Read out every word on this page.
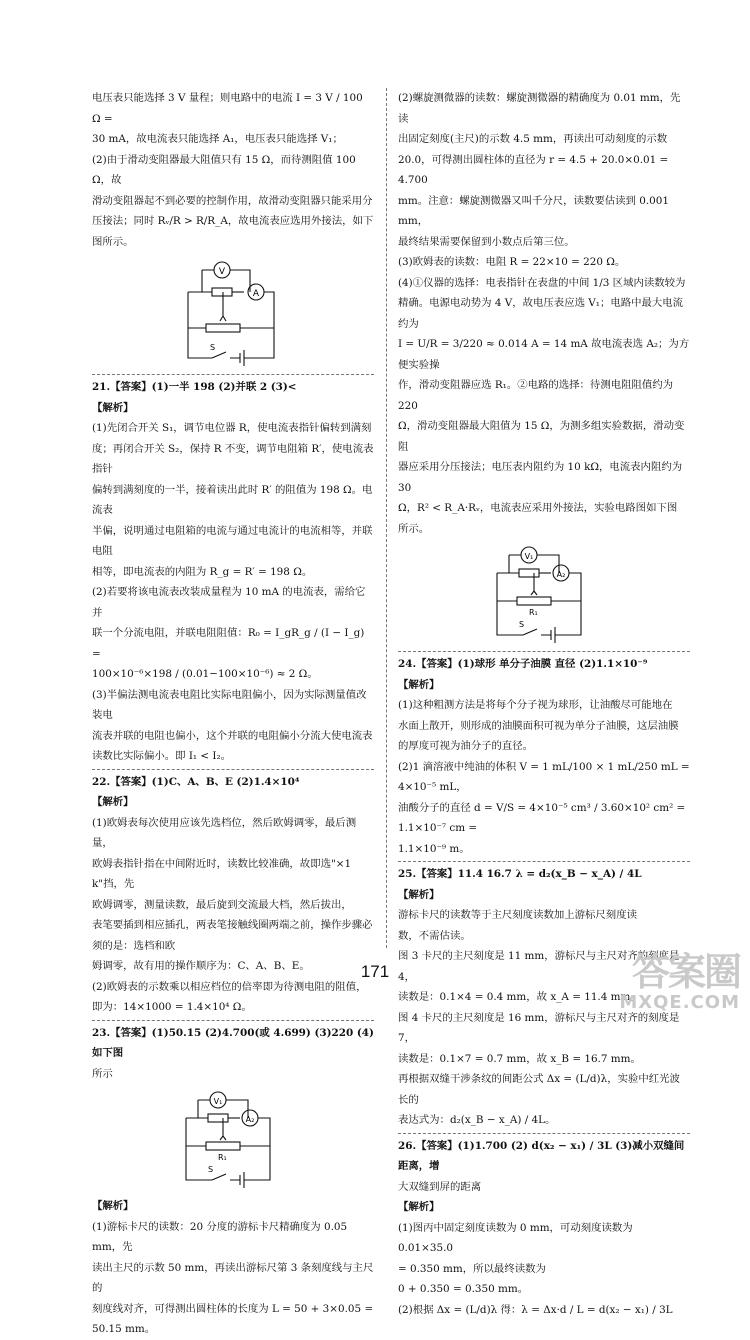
电压表只能选择 3 V 量程；则电路中的电流 I = 3 V / 100 Ω =
30 mA，故电流表只能选择 A₁，电压表只能选择 V₁；
(2)由于滑动变阻器最大阻值只有 15 Ω，而待测阻值 100 Ω，故
滑动变阻器起不到必要的控制作用，故滑动变阻器只能采用分
压接法；同时 Rᵥ/R > R/R_A，故电流表应选用外接法，如下图所示。
V
A
S
21.【答案】(1)一半 198 (2)并联 2 (3)<
【解析】
(1)先闭合开关 S₁，调节电位器 R，使电流表指针偏转到满刻
度；再闭合开关 S₂，保持 R 不变，调节电阻箱 R′，使电流表指针
偏转到满刻度的一半，接着读出此时 R′ 的阻值为 198 Ω。电流表
半偏，说明通过电阻箱的电流与通过电流计的电流相等，并联电阻
相等，即电流表的内阻为 R_g = R′ = 198 Ω。
(2)若要将该电流表改装成量程为 10 mA 的电流表，需给它并
联一个分流电阻，并联电阻阻值：R₀ = I_gR_g / (I − I_g) =
100×10⁻⁶×198 / (0.01−100×10⁻⁶) ≈ 2 Ω。
(3)半偏法测电流表电阻比实际电阻偏小，因为实际测量值改装电
流表并联的电阻也偏小，这个并联的电阻偏小分流大使电流表
读数比实际偏小。即 I₁ < I₂。
22.【答案】(1)C、A、B、E (2)1.4×10⁴
【解析】
(1)欧姆表每次使用应该先选档位，然后欧姆调零，最后测量，
欧姆表指针指在中间附近时，读数比较准确，故即选"×1 k"挡，先
欧姆调零，测量读数，最后旋到交流最大档，然后拔出，
表笔要插到相应插孔，两表笔接触线圈两端之前，操作步骤必须的是：选档和欧
姆调零，故有用的操作顺序为：C、A、B、E。
(2)欧姆表的示数乘以相应档位的倍率即为待测电阻的阻值，
即为：14×1000 = 1.4×10⁴ Ω。
23.【答案】(1)50.15 (2)4.700(或 4.699) (3)220 (4)如下图
所示
V₁
A₂
R₁
S
【解析】
(1)游标卡尺的读数：20 分度的游标卡尺精确度为 0.05 mm，先
读出主尺的示数 50 mm，再读出游标尺第 3 条刻度线与主尺的
刻度线对齐，可得测出圆柱体的长度为 L = 50 + 3×0.05 =
50.15 mm。
(2)螺旋测微器的读数：螺旋测微器的精确度为 0.01 mm，先读
出固定刻度(主尺)的示数 4.5 mm，再读出可动刻度的示数
20.0，可得测出圆柱体的直径为 r = 4.5 + 20.0×0.01 = 4.700
mm。注意：螺旋测微器又叫千分尺，读数要估读到 0.001 mm，
最终结果需要保留到小数点后第三位。
(3)欧姆表的读数：电阻 R = 22×10 = 220 Ω。
(4)①仪器的选择：电表指针在表盘的中间 1/3 区域内读数较为
精确。电源电动势为 4 V，故电压表应选 V₁；电路中最大电流约为
I = U/R = 3/220 ≈ 0.014 A = 14 mA 故电流表选 A₂；为方便实验操
作，滑动变阻器应选 R₁。②电路的选择：待测电阻阻值约为 220
Ω，滑动变阻器最大阻值为 15 Ω，为测多组实验数据，滑动变阻
器应采用分压接法；电压表内阻约为 10 kΩ，电流表内阻约为 30
Ω，R² < R_A·Rᵥ，电流表应采用外接法，实验电路图如下图
所示。
V₁
A₂
R₁
S
24.【答案】(1)球形 单分子油膜 直径 (2)1.1×10⁻⁹
【解析】
(1)这种粗测方法是将每个分子视为球形，让油酸尽可能地在
水面上散开，则形成的油膜面积可视为单分子油膜，这层油膜
的厚度可视为油分子的直径。
(2)1 滴溶液中纯油的体积 V = 1 mL/100 × 1 mL/250 mL = 4×10⁻⁵ mL，
油酸分子的直径 d = V/S = 4×10⁻⁵ cm³ / 3.60×10² cm² = 1.1×10⁻⁷ cm =
1.1×10⁻⁹ m。
25.【答案】11.4 16.7 λ = d₂(x_B − x_A) / 4L
【解析】
游标卡尺的读数等于主尺刻度读数加上游标尺刻度读
数，不需估读。
图 3 卡尺的主尺刻度是 11 mm，游标尺与主尺对齐的刻度是 4，
读数是：0.1×4 = 0.4 mm，故 x_A = 11.4 mm。
图 4 卡尺的主尺刻度是 16 mm，游标尺与主尺对齐的刻度是 7，
读数是：0.1×7 = 0.7 mm，故 x_B = 16.7 mm。
再根据双缝干涉条纹的间距公式 Δx = (L/d)λ，实验中红光波长的
表达式为：d₂(x_B − x_A) / 4L。
26.【答案】(1)1.700 (2) d(x₂ − x₁) / 3L (3)减小双缝间距离，增
大双缝到屏的距离
【解析】
(1)图丙中固定刻度读数为 0 mm，可动刻度读数为 0.01×35.0
= 0.350 mm，所以最终读数为
0 + 0.350 = 0.350 mm。
(2)根据 Δx = (L/d)λ 得：λ = Δx·d / L = d(x₂ − x₁) / 3L
171	答案圈
MXQE.COM
